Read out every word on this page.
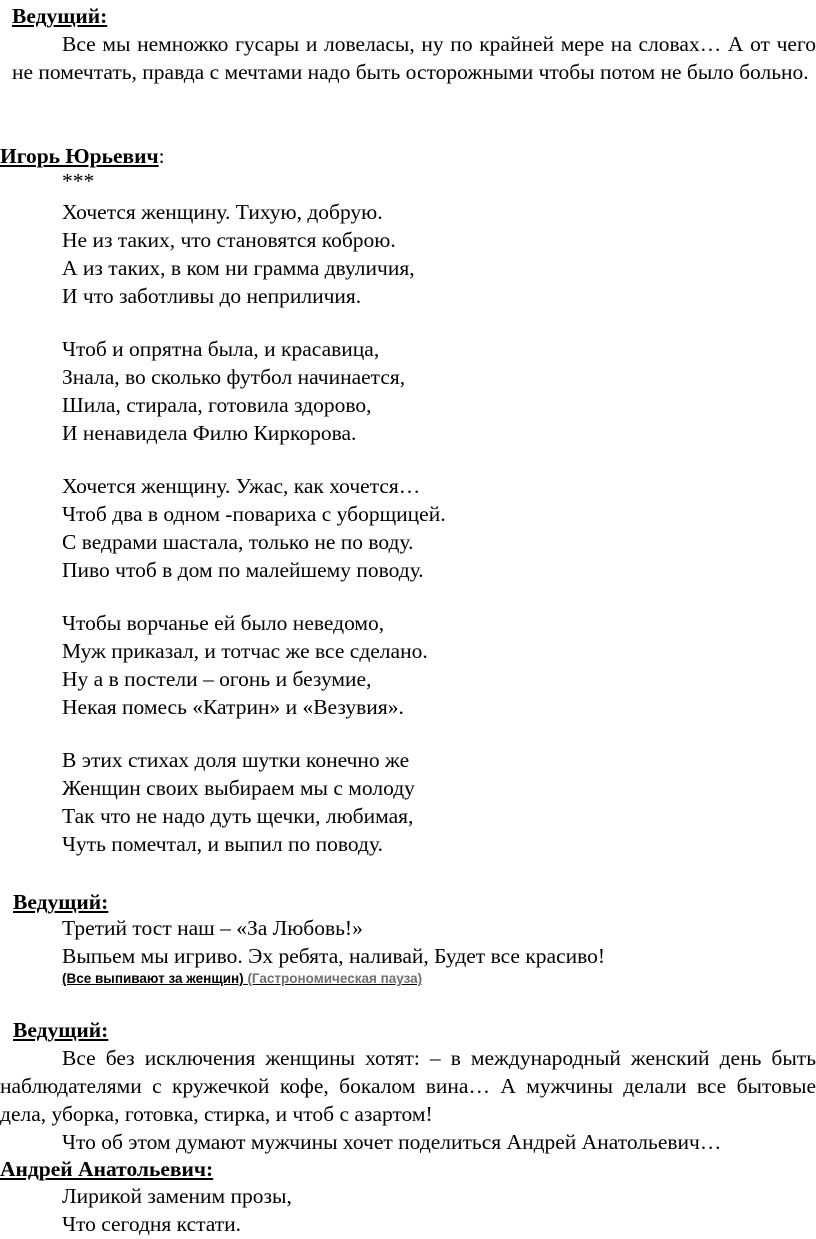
Ведущий:
Все мы немножко гусары и ловеласы, ну по крайней мере на словах… А от чего не помечтать, правда с мечтами надо быть осторожными чтобы потом не было больно.
Игорь Юрьевич:
***
Хочется женщину. Тихую, добрую.
Не из таких, что становятся коброю.
А из таких, в ком ни грамма двуличия,
И что заботливы до неприличия.
Чтоб и опрятна была, и красавица,
Знала, во сколько футбол начинается,
Шила, стирала, готовила здорово,
И ненавидела Филю Киркорова.
Хочется женщину. Ужас, как хочется…
Чтоб два в одном -повариха с уборщицей.
С ведрами шастала, только не по воду.
Пиво чтоб в дом по малейшему поводу.
Чтобы ворчанье ей было неведомо,
Муж приказал, и тотчас же все сделано.
Ну а в постели – огонь и безумие,
Некая помесь «Катрин» и «Везувия».
В этих стихах доля шутки конечно же
Женщин своих выбираем мы с молоду
Так что не надо дуть щечки, любимая,
Чуть помечтал, и выпил по поводу.
Ведущий:
Третий тост наш – «За Любовь!»
Выпьем мы игриво. Эх ребята, наливай, Будет все красиво!
(Все выпивают за женщин) (Гастрономическая пауза)
Ведущий:
Все без исключения женщины хотят: – в международный женский день быть наблюдателями с кружечкой кофе, бокалом вина… А мужчины делали все бытовые дела, уборка, готовка, стирка, и чтоб с азартом!
Что об этом думают мужчины хочет поделиться Андрей Анатольевич…
Андрей Анатольевич:
Лирикой заменим прозы,
Что сегодня кстати.
